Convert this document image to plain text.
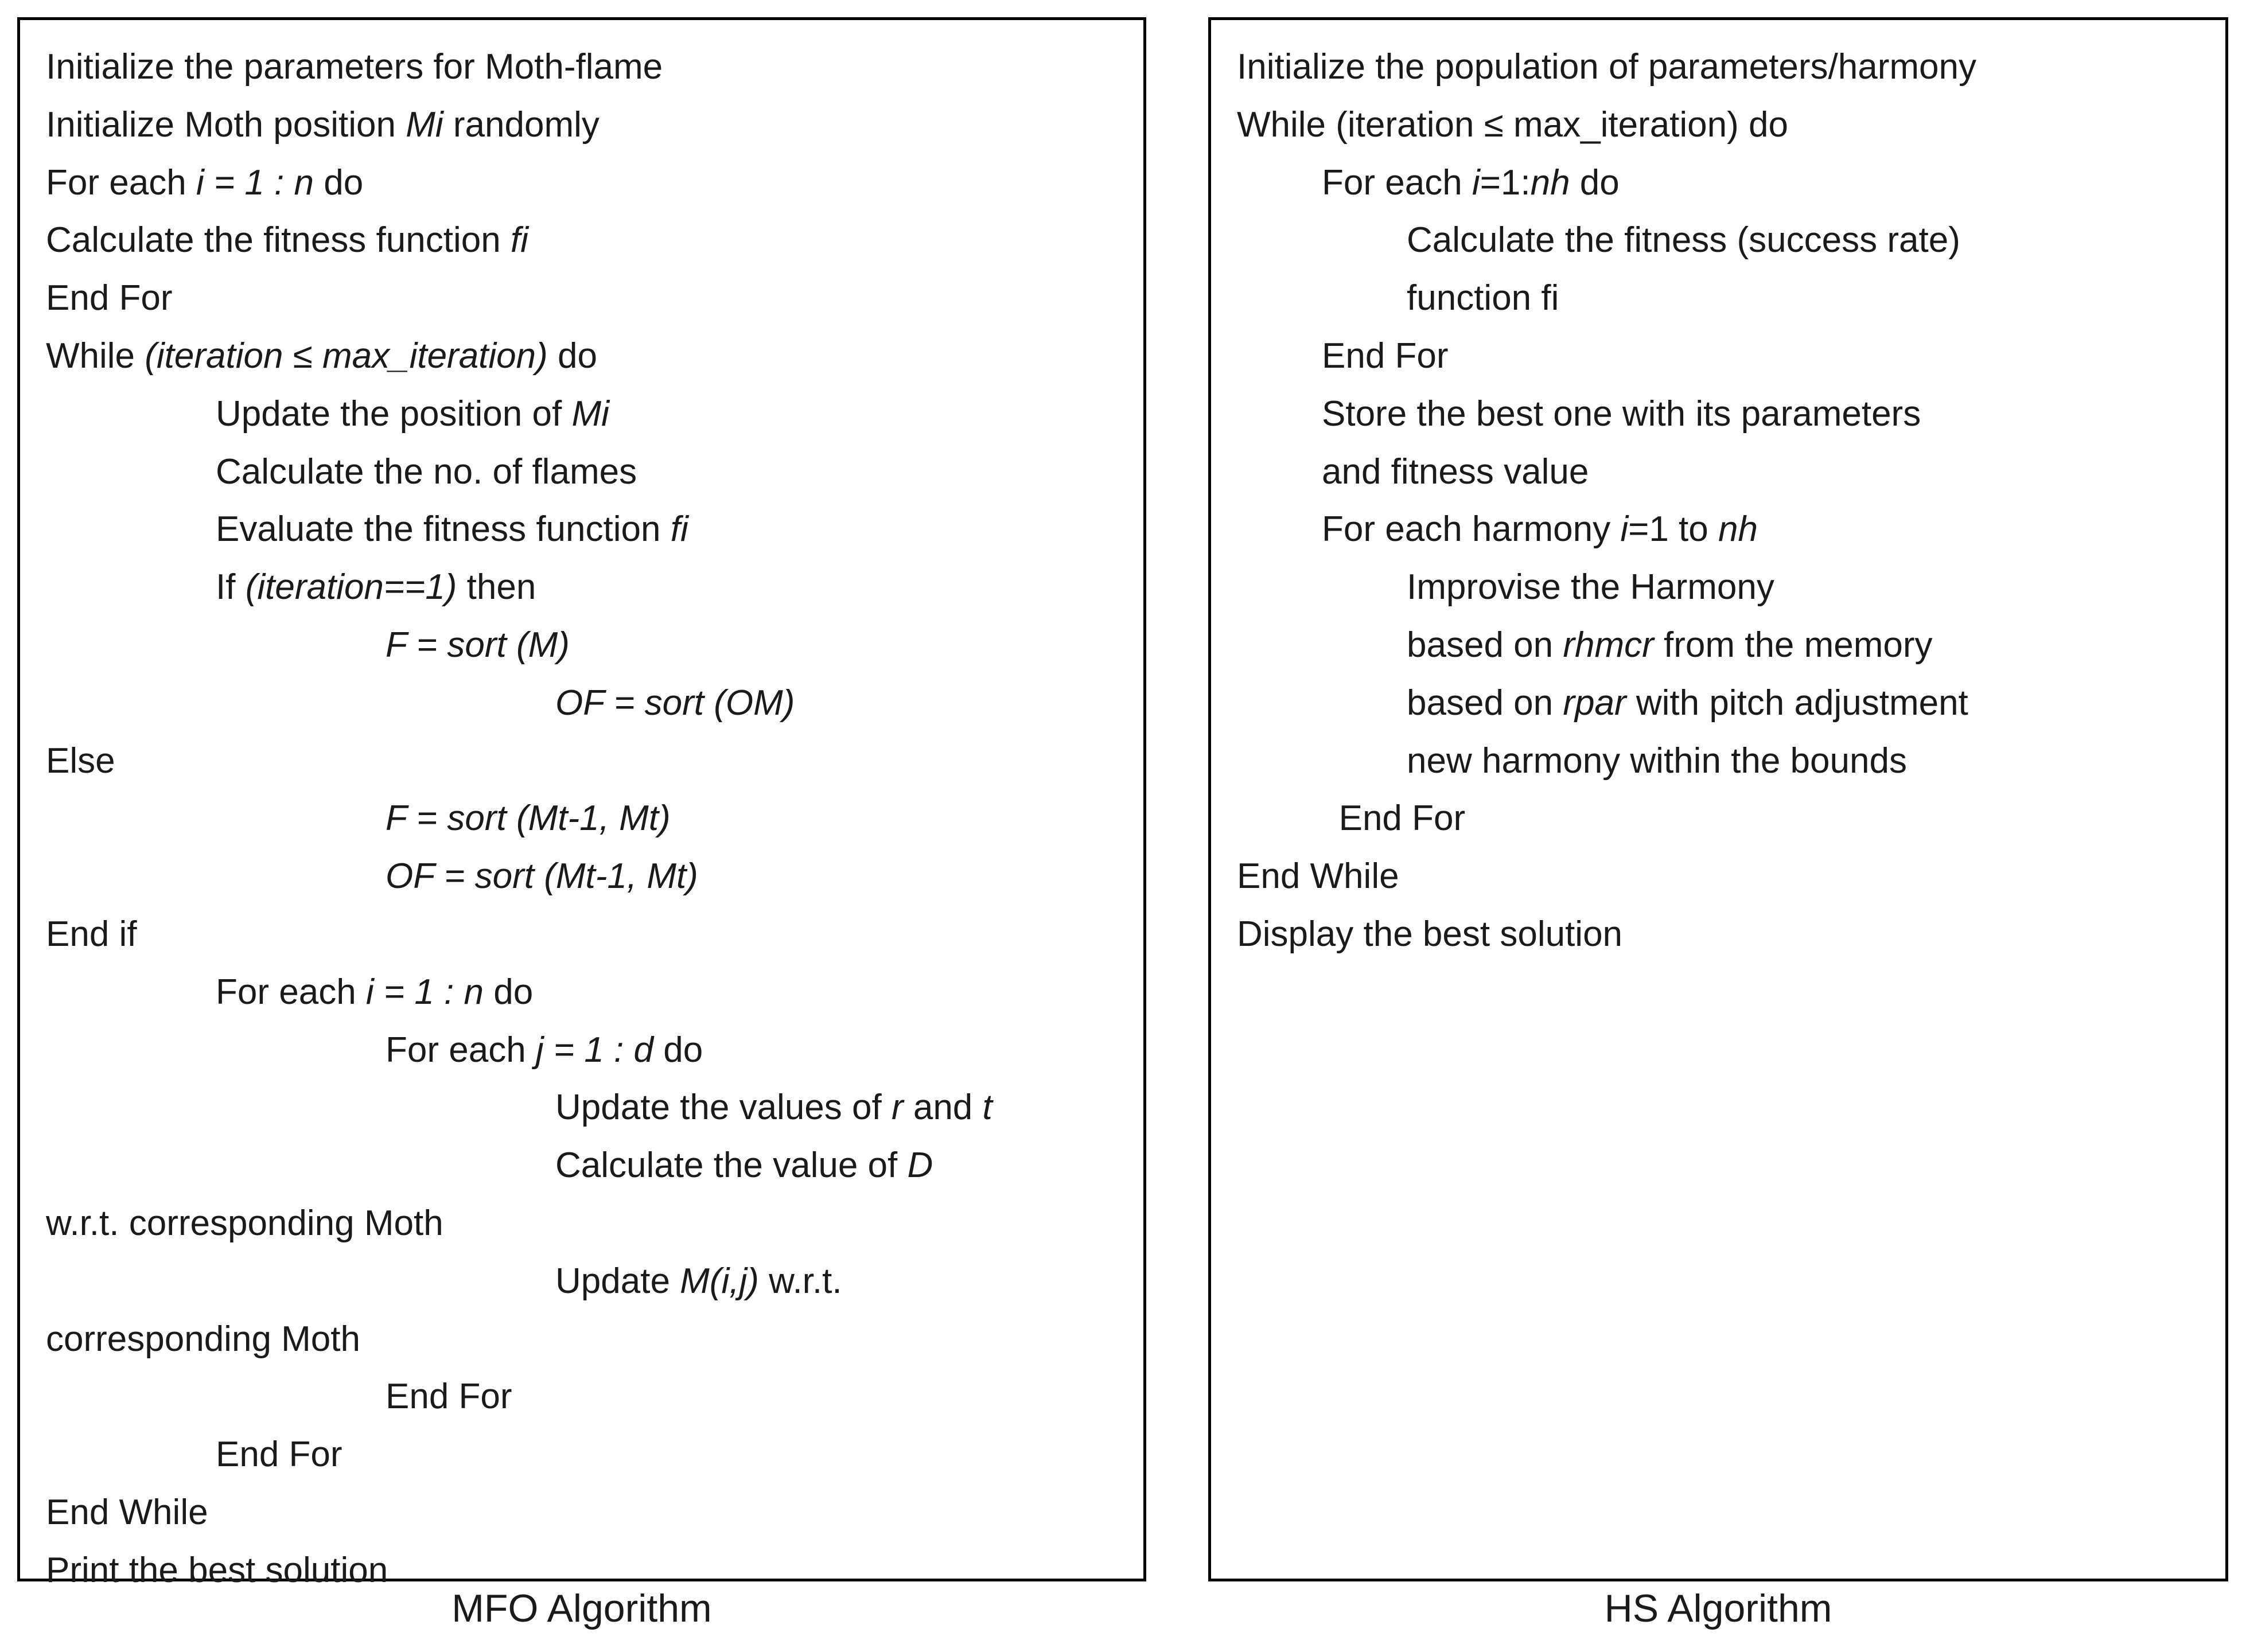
Initialize the parameters for Moth-flame
Initialize Moth position Mi randomly
For each i = 1 : n do
Calculate the fitness function fi
End For
While (iteration ≤ max_iteration) do
Update the position of Mi
Calculate the no. of flames
Evaluate the fitness function fi
If (iteration==1) then
F = sort (M)
OF = sort (OM)
Else
F = sort (Mt-1, Mt)
OF = sort (Mt-1, Mt)
End if
For each i = 1 : n do
For each j = 1 : d do
Update the values of r and t
Calculate the value of D
w.r.t. corresponding Moth
Update M(i,j) w.r.t.
corresponding Moth
End For
End For
End While
Print the best solution
MFO Algorithm
Initialize the population of parameters/harmony
While (iteration ≤ max_iteration) do
For each i=1:nh do
Calculate the fitness (success rate)
function fi
End For
Store the best one with its parameters
and fitness value
For each harmony i=1 to nh
Improvise the Harmony
based on rhmcr from the memory
based on rpar with pitch adjustment
new harmony within the bounds
End For
End While
Display the best solution
HS Algorithm
